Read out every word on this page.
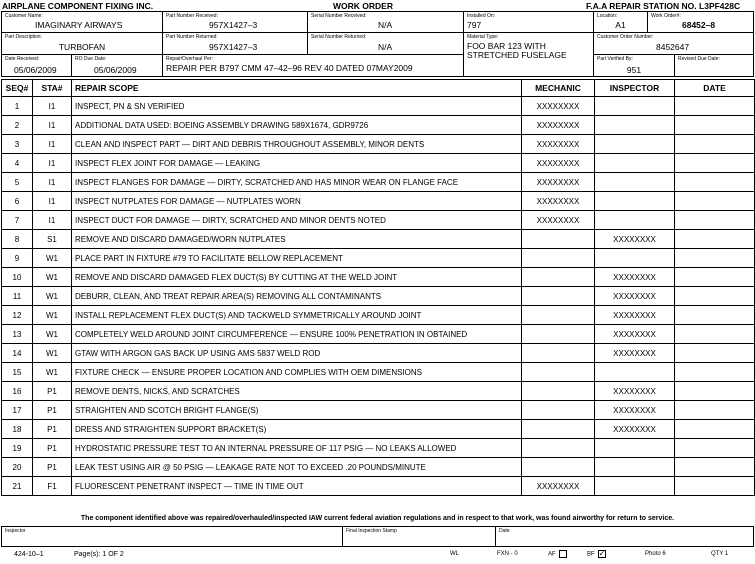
AIRPLANE COMPONENT FIXING INC.	WORK ORDER	F.A.A REPAIR STATION NO. L3PF428C
Customer Name:
IMAGINARY AIRWAYS
Part Number Received:
957X1427–3
Serial Number Received:
N/A
Installed On:
797
Location:
A1
Work Order#:
68452–8
Part Description:
TURBOFAN
Part Number Returned:
957X1427–3
Serial Number Returned:
N/A
Material Type:
FOO BAR 123 WITH
STRETCHED FUSELAGE
Customer Order Number:
8452647
Date Received:
05/06/2009
RO Due Date:
05/06/2009
Repair/Overhaul Per:
REPAIR PER B797 CMM 47–42–96 REV 40 DATED 07MAY2009
Part Verified By:
951
Revised Due Date:
SEQ#	STA#	REPAIR SCOPE	MECHANIC	INSPECTOR	DATE
1	I1	INSPECT, PN & SN VERIFIED	XXXXXXXX		
2	I1	ADDITIONAL DATA USED: BOEING ASSEMBLY DRAWING 589X1674, GDR9726	XXXXXXXX		
3	I1	CLEAN AND INSPECT PART — DIRT AND DEBRIS THROUGHOUT ASSEMBLY, MINOR DENTS	XXXXXXXX		
4	I1	INSPECT FLEX JOINT FOR DAMAGE — LEAKING	XXXXXXXX		
5	I1	INSPECT FLANGES FOR DAMAGE — DIRTY, SCRATCHED AND HAS MINOR WEAR ON FLANGE FACE	XXXXXXXX		
6	I1	INSPECT NUTPLATES FOR DAMAGE — NUTPLATES WORN	XXXXXXXX		
7	I1	INSPECT DUCT FOR DAMAGE — DIRTY, SCRATCHED AND MINOR DENTS NOTED	XXXXXXXX		
8	S1	REMOVE AND DISCARD DAMAGED/WORN NUTPLATES		XXXXXXXX	
9	W1	PLACE PART IN FIXTURE #79 TO FACILITATE BELLOW REPLACEMENT			
10	W1	REMOVE AND DISCARD DAMAGED FLEX DUCT(S) BY CUTTING AT THE WELD JOINT		XXXXXXXX	
11	W1	DEBURR, CLEAN, AND TREAT REPAIR AREA(S) REMOVING ALL CONTAMINANTS		XXXXXXXX	
12	W1	INSTALL REPLACEMENT FLEX DUCT(S) AND TACKWELD SYMMETRICALLY AROUND JOINT		XXXXXXXX	
13	W1	COMPLETELY WELD AROUND JOINT CIRCUMFERENCE — ENSURE 100% PENETRATION IN OBTAINED		XXXXXXXX	
14	W1	GTAW WITH ARGON GAS BACK UP USING AMS 5837 WELD ROD		XXXXXXXX	
15	W1	FIXTURE CHECK — ENSURE PROPER LOCATION AND COMPLIES WITH OEM DIMENSIONS			
16	P1	REMOVE DENTS, NICKS, AND SCRATCHES		XXXXXXXX	
17	P1	STRAIGHTEN AND SCOTCH BRIGHT FLANGE(S)		XXXXXXXX	
18	P1	DRESS AND STRAIGHTEN SUPPORT BRACKET(S)		XXXXXXXX	
19	P1	HYDROSTATIC PRESSURE TEST TO AN INTERNAL PRESSURE OF 117 PSIG — NO LEAKS ALLOWED			
20	P1	LEAK TEST USING AIR @ 50 PSIG — LEAKAGE RATE NOT TO EXCEED .20 POUNDS/MINUTE			
21	F1	FLUORESCENT PENETRANT INSPECT — TIME IN TIME OUT	XXXXXXXX		
The component identified above was repaired/overhauled/inspected IAW current federal aviation regulations and in respect to that work, was found airworthy for return to service.
Inspector	Final Inspection Stamp	Date
424-10–1	Page(s): 1 OF 2	WL	FXN - 0	AF	BF ✓	Photo 6	QTY 1
